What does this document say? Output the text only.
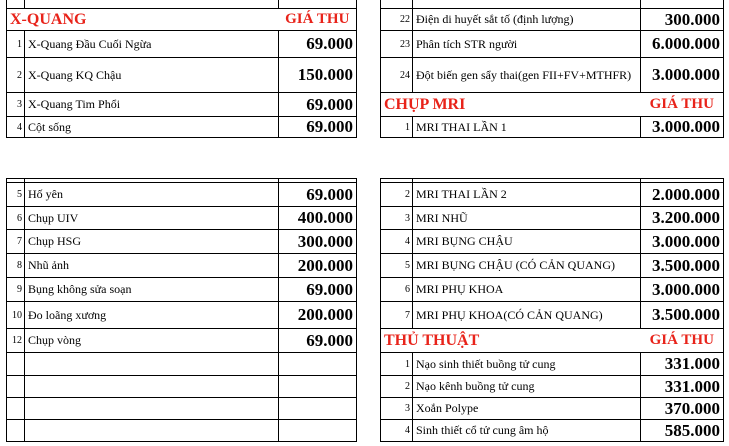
X-QUANG		GIÁ THU
1	X-Quang Đầu Cuối Ngừa	69.000
2	X-Quang KQ Chậu	150.000
3	X-Quang Tim Phổi	69.000
4	Cột sống	69.000

22	Điện di huyết sắt tố (định lượng)	300.000
23	Phân tích STR người	6.000.000
24	Đột biến gen sẩy thai(gen FII+FV+MTHFR)	3.000.000
CHỤP MRI		GIÁ THU
1	MRI THAI LẦN 1	3.000.000

5	Hố yên	69.000
6	Chụp UIV	400.000
7	Chụp HSG	300.000
8	Nhũ ảnh	200.000
9	Bụng không sửa soạn	69.000
10	Đo loãng xương	200.000
12	Chụp vòng	69.000

2	MRI THAI LẦN 2	2.000.000
3	MRI NHŨ	3.200.000
4	MRI BỤNG CHẬU	3.000.000
5	MRI BỤNG CHẬU (CÓ CẢN QUANG)	3.500.000
6	MRI PHỤ KHOA	3.000.000
7	MRI PHỤ KHOA(CÓ CẢN QUANG)	3.500.000
THỦ THUẬT		GIÁ THU
1	Nạo sinh thiết buồng tử cung	331.000
2	Nạo kênh buồng tử cung	331.000
3	Xoắn Polype	370.000
4	Sinh thiết cổ tử cung âm hộ	585.000
